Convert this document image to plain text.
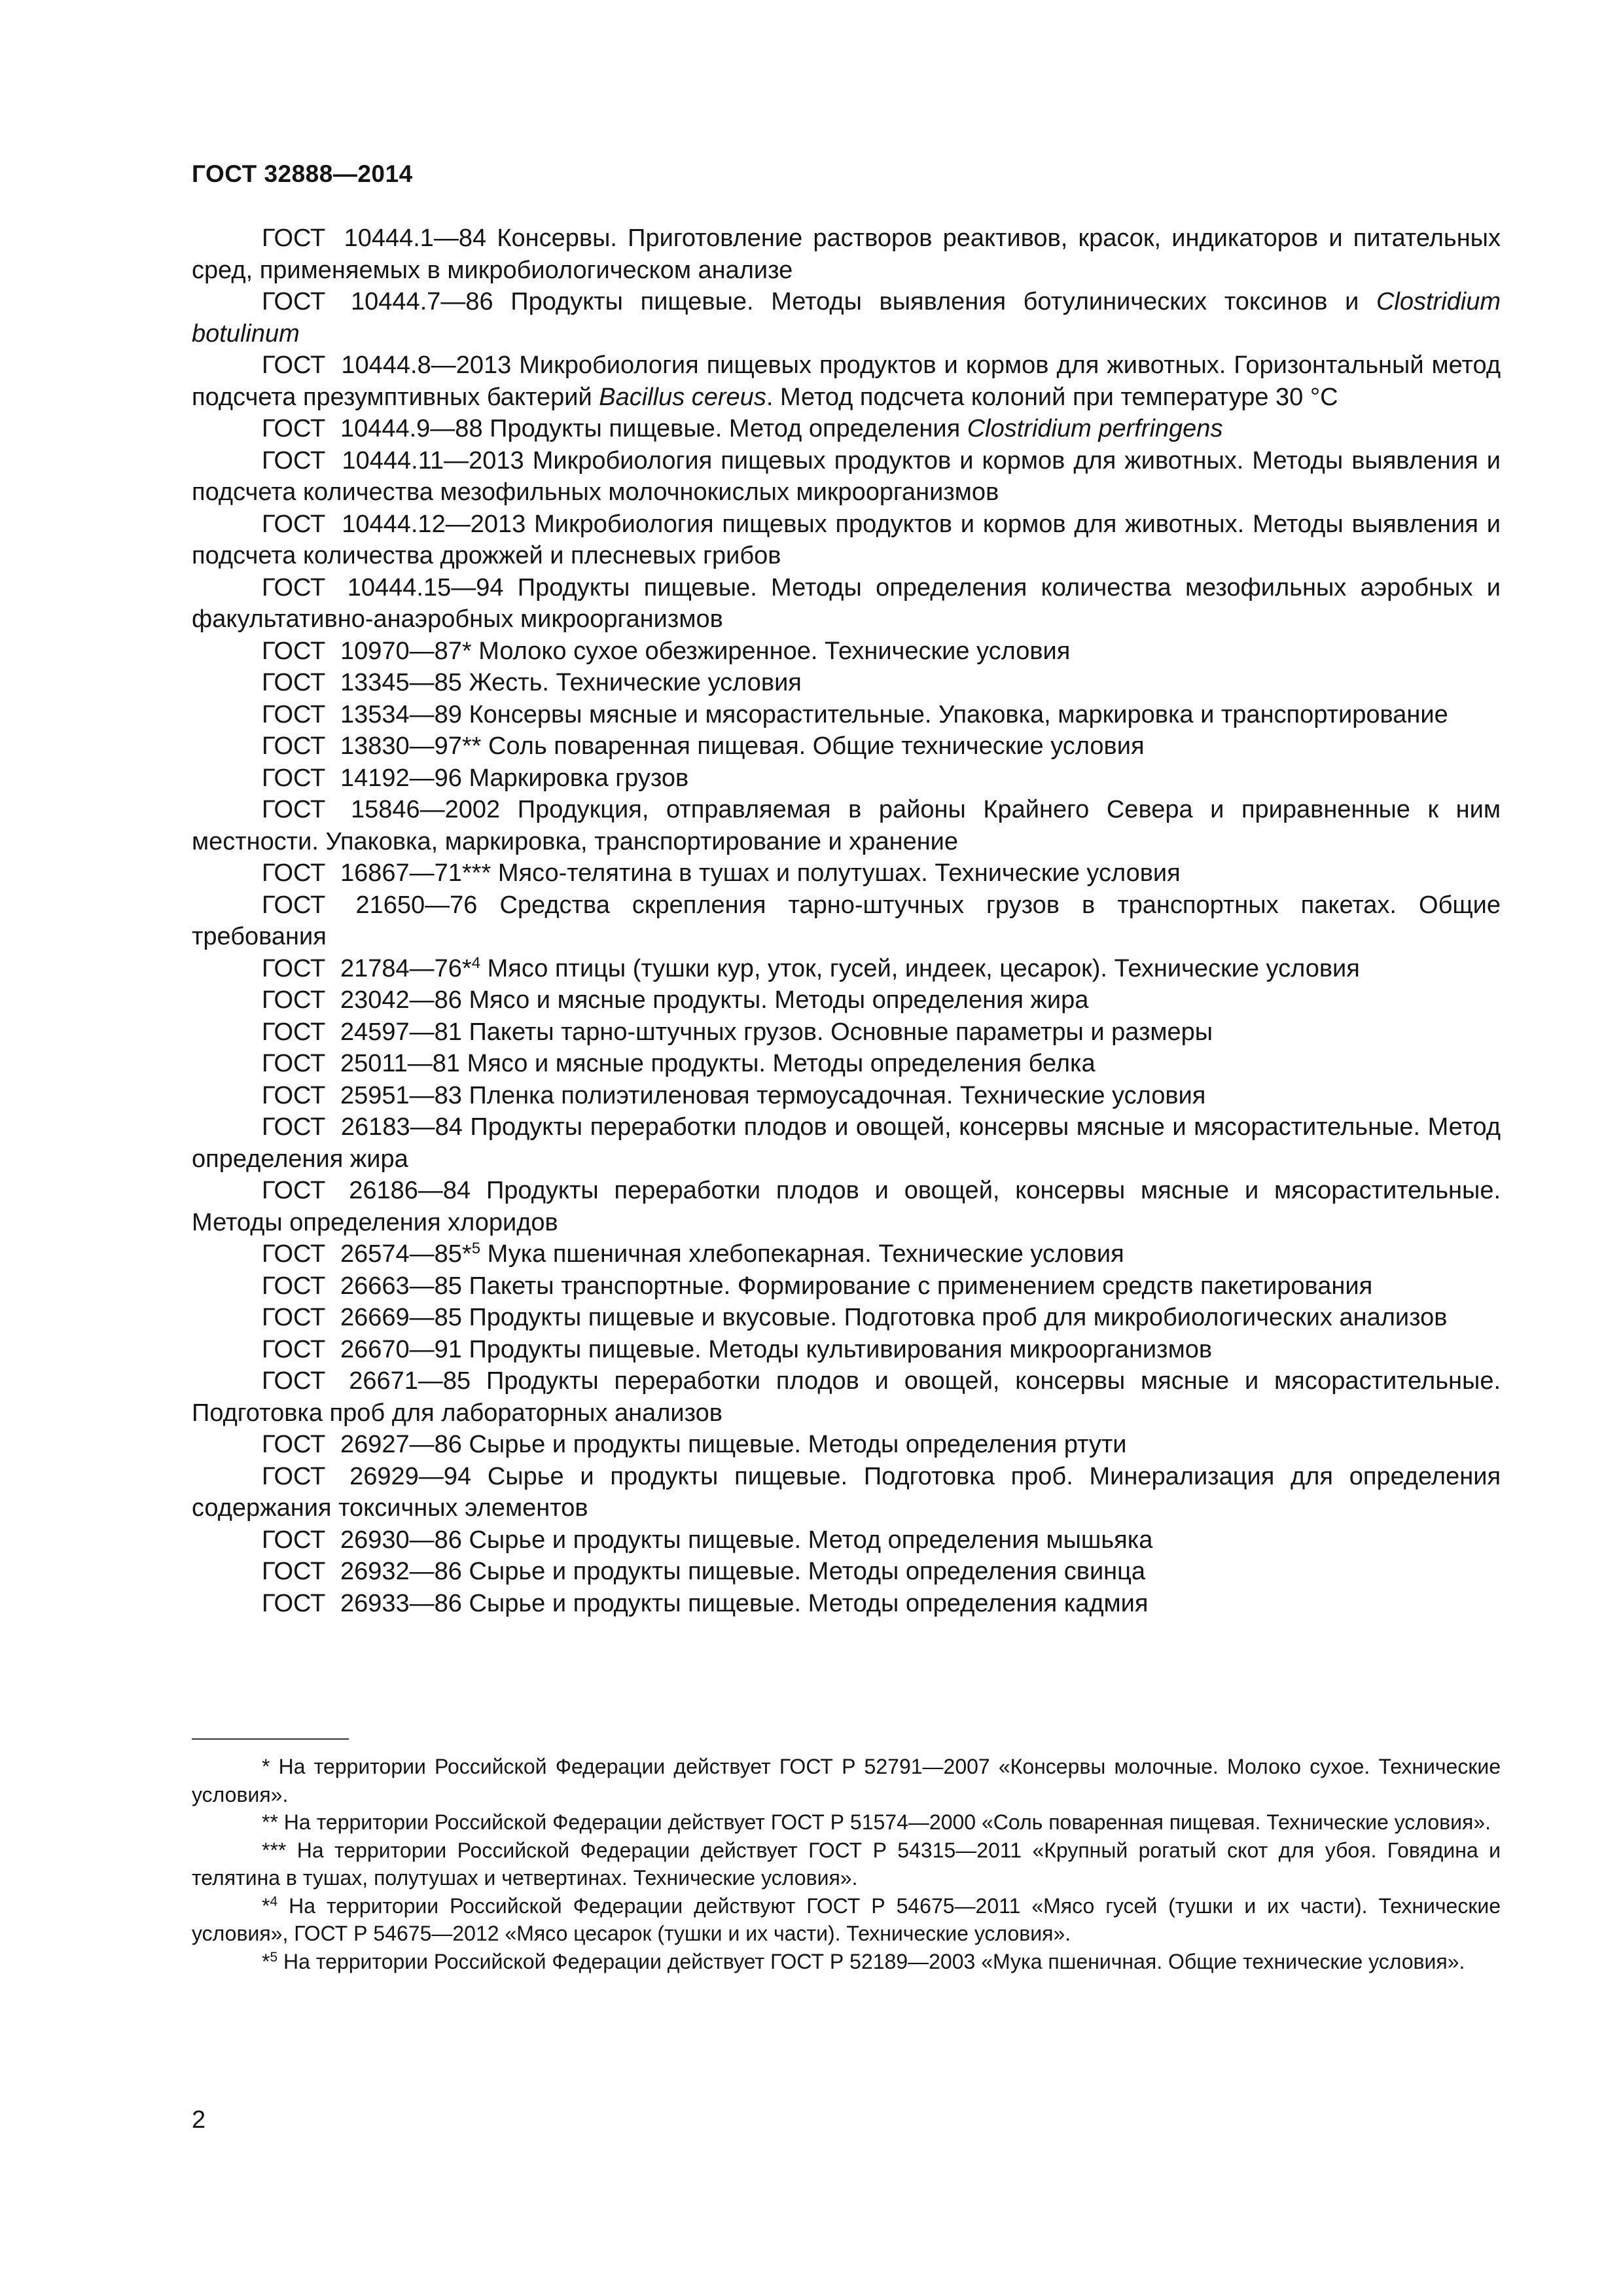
ГОСТ 32888—2014

ГОСТ 10444.1—84 Консервы. Приготовление растворов реактивов, красок, индикаторов и питательных сред, применяемых в микробиологическом анализе

ГОСТ 10444.7—86 Продукты пищевые. Методы выявления ботулинических токсинов и Clostridium botulinum

ГОСТ 10444.8—2013 Микробиология пищевых продуктов и кормов для животных. Горизонтальный метод подсчета презумптивных бактерий Bacillus cereus. Метод подсчета колоний при температуре 30 °С

ГОСТ 10444.9—88 Продукты пищевые. Метод определения Clostridium perfringens

ГОСТ 10444.11—2013 Микробиология пищевых продуктов и кормов для животных. Методы выявления и подсчета количества мезофильных молочнокислых микроорганизмов

ГОСТ 10444.12—2013 Микробиология пищевых продуктов и кормов для животных. Методы выявления и подсчета количества дрожжей и плесневых грибов

ГОСТ 10444.15—94 Продукты пищевые. Методы определения количества мезофильных аэробных и факультативно-анаэробных микроорганизмов

ГОСТ 10970—87* Молоко сухое обезжиренное. Технические условия

ГОСТ 13345—85 Жесть. Технические условия

ГОСТ 13534—89 Консервы мясные и мясорастительные. Упаковка, маркировка и транспортирование

ГОСТ 13830—97** Соль поваренная пищевая. Общие технические условия

ГОСТ 14192—96 Маркировка грузов

ГОСТ 15846—2002 Продукция, отправляемая в районы Крайнего Севера и приравненные к ним местности. Упаковка, маркировка, транспортирование и хранение

ГОСТ 16867—71*** Мясо-телятина в тушах и полутушах. Технические условия

ГОСТ 21650—76 Средства скрепления тарно-штучных грузов в транспортных пакетах. Общие требования

ГОСТ 21784—76*$^4$ Мясо птицы (тушки кур, уток, гусей, индеек, цесарок). Технические условия

ГОСТ 23042—86 Мясо и мясные продукты. Методы определения жира

ГОСТ 24597—81 Пакеты тарно-штучных грузов. Основные параметры и размеры

ГОСТ 25011—81 Мясо и мясные продукты. Методы определения белка

ГОСТ 25951—83 Пленка полиэтиленовая термоусадочная. Технические условия

ГОСТ 26183—84 Продукты переработки плодов и овощей, консервы мясные и мясорастительные. Метод определения жира

ГОСТ 26186—84 Продукты переработки плодов и овощей, консервы мясные и мясорастительные. Методы определения хлоридов

ГОСТ 26574—85*$^5$ Мука пшеничная хлебопекарная. Технические условия

ГОСТ 26663—85 Пакеты транспортные. Формирование с применением средств пакетирования

ГОСТ 26669—85 Продукты пищевые и вкусовые. Подготовка проб для микробиологических анализов

ГОСТ 26670—91 Продукты пищевые. Методы культивирования микроорганизмов

ГОСТ 26671—85 Продукты переработки плодов и овощей, консервы мясные и мясорастительные. Подготовка проб для лабораторных анализов

ГОСТ 26927—86 Сырье и продукты пищевые. Методы определения ртути

ГОСТ 26929—94 Сырье и продукты пищевые. Подготовка проб. Минерализация для определения содержания токсичных элементов

ГОСТ 26930—86 Сырье и продукты пищевые. Метод определения мышьяка

ГОСТ 26932—86 Сырье и продукты пищевые. Методы определения свинца

ГОСТ 26933—86 Сырье и продукты пищевые. Методы определения кадмия

* На территории Российской Федерации действует ГОСТ Р 52791—2007 «Консервы молочные. Молоко сухое. Технические условия».

** На территории Российской Федерации действует ГОСТ Р 51574—2000 «Соль поваренная пищевая. Технические условия».

*** На территории Российской Федерации действует ГОСТ Р 54315—2011 «Крупный рогатый скот для убоя. Говядина и телятина в тушах, полутушах и четвертинах. Технические условия».

*$^4$ На территории Российской Федерации действуют ГОСТ Р 54675—2011 «Мясо гусей (тушки и их части). Технические условия», ГОСТ Р 54675—2012 «Мясо цесарок (тушки и их части). Технические условия».

*$^5$ На территории Российской Федерации действует ГОСТ Р 52189—2003 «Мука пшеничная. Общие технические условия».

2
